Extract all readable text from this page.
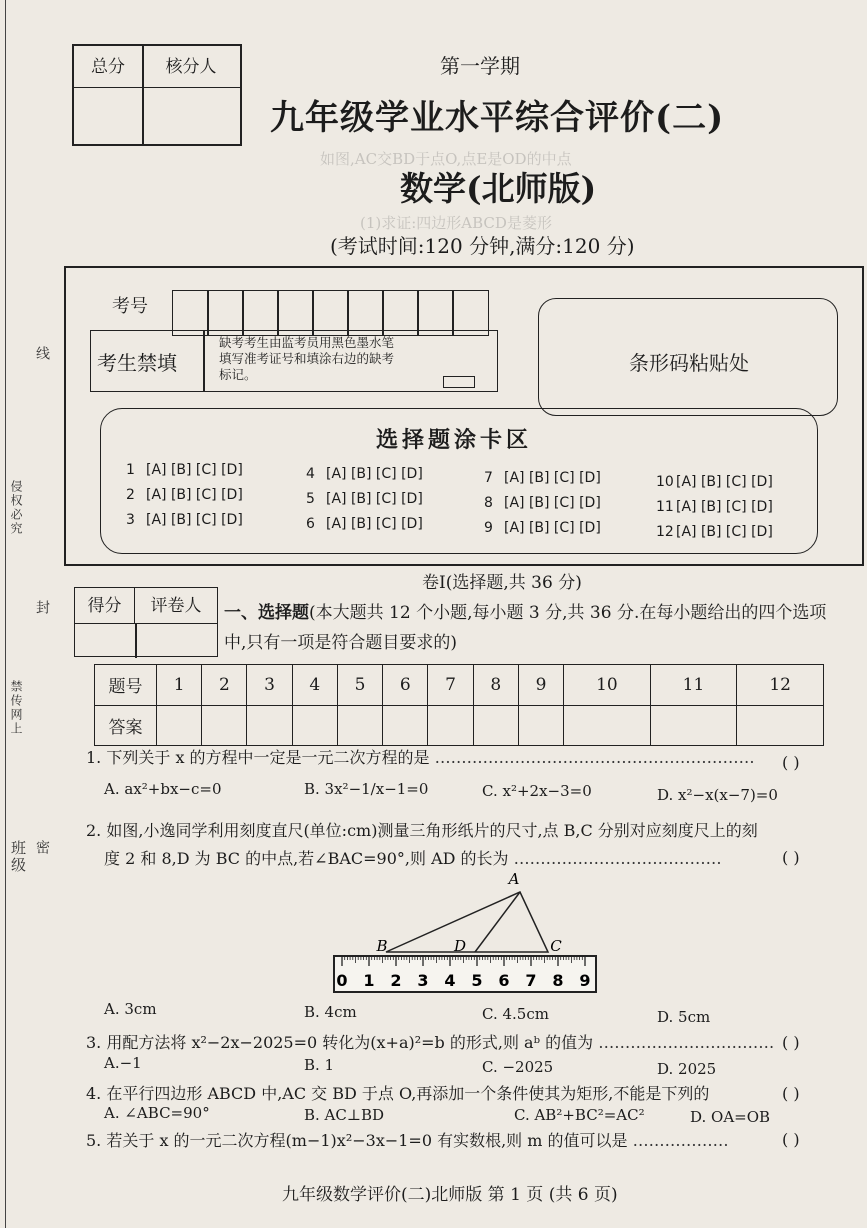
如图,AC交BD于点O,点E是OD的中点
(1)求证:四边形ABCD是菱形
线
侵权必究
封
禁传网上
密
班级
总分	核分人	第一学期
九年级学业水平综合评价(二)
数学(北师版)
(考试时间:120 分钟,满分:120 分)
考号
考生禁填
缺考考生由监考员用黑色墨水笔填写准考证号和填涂右边的缺考标记。	条形码粘贴处
选择题涂卡区
1 [A] [B] [C] [D]
2 [A] [B] [C] [D]
3 [A] [B] [C] [D]
4 [A] [B] [C] [D]
5 [A] [B] [C] [D]
6 [A] [B] [C] [D]
7 [A] [B] [C] [D]
8 [A] [B] [C] [D]
9 [A] [B] [C] [D]
10 [A] [B] [C] [D]
11 [A] [B] [C] [D]
12 [A] [B] [C] [D]
卷Ⅰ(选择题,共 36 分)
得分	评卷人	一、选择题(本大题共 12 个小题,每小题 3 分,共 36 分.在每小题给出的四个选项中,只有一项是符合题目要求的)
题号	1	2	3	4	5	6	7	8	9	10	11	12
答案												
1. 下列关于 x 的方程中一定是一元二次方程的是 …………………………………………………… ( )
A. ax²+bx−c=0	B. 3x²−1/x−1=0	C. x²+2x−3=0	D. x²−x(x−7)=0
2. 如图,小逸同学利用刻度直尺(单位:cm)测量三角形纸片的尺寸,点 B,C 分别对应刻度尺上的刻
度 2 和 8,D 为 BC 的中点,若∠BAC=90°,则 AD 的长为 …………………………………	( )
A
B	C
D
0 1 2 3 4 5 6 7 8 9
A. 3cm	B. 4cm	C. 4.5cm	D. 5cm
3. 用配方法将 x²−2x−2025=0 转化为(x+a)²=b 的形式,则 aᵇ 的值为 …………………………… ( )
A.−1	B. 1	C. −2025	D. 2025
4. 在平行四边形 ABCD 中,AC 交 BD 于点 O,再添加一个条件使其为矩形,不能是下列的	( )
A. ∠ABC=90°	B. AC⊥BD	C. AB²+BC²=AC²	D. OA=OB
5. 若关于 x 的一元二次方程(m−1)x²−3x−1=0 有实数根,则 m 的值可以是 ………………	( )
九年级数学评价(二)北师版 第 1 页 (共 6 页)
